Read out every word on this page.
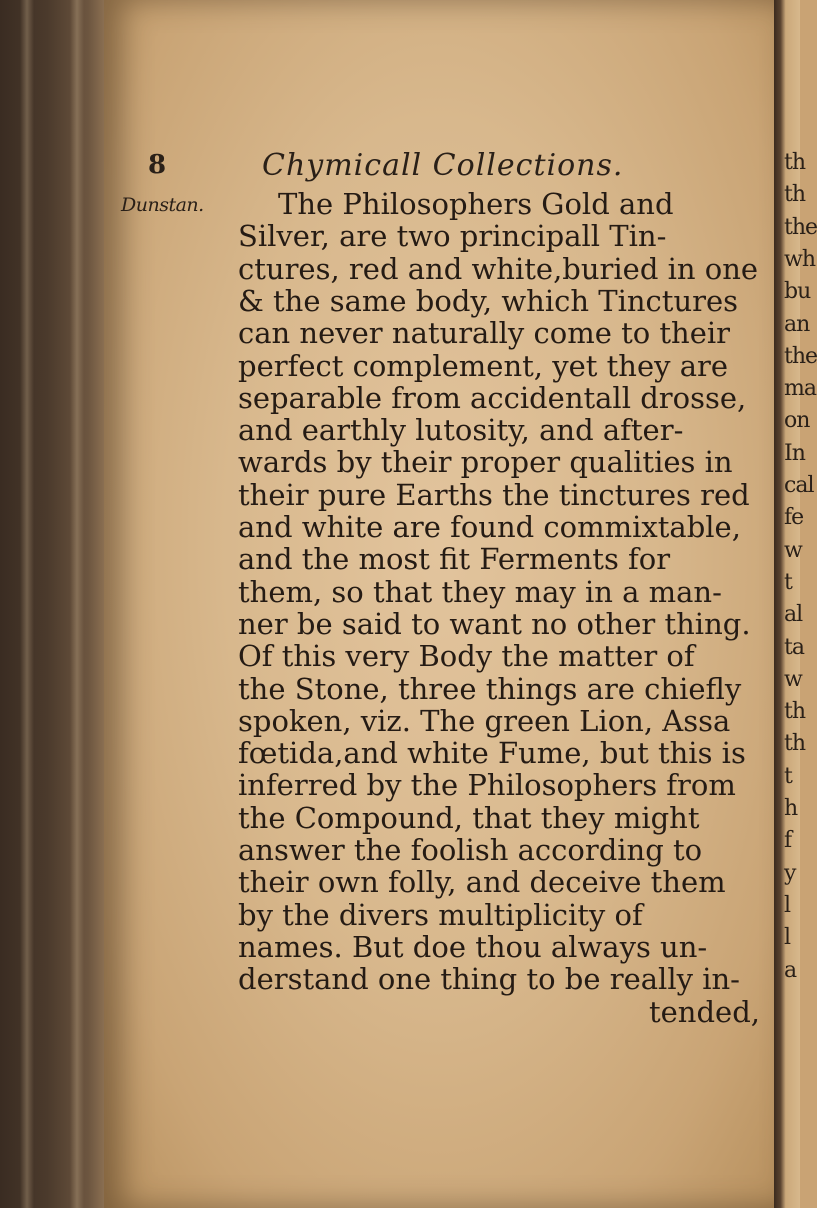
8
Dunstan.
Chymicall Collections.
The Philosophers Gold and
Silver, are two principall Tin-
ctures, red and white,buried in one
& the same body, which Tinctures
can never naturally come to their
perfect complement, yet they are
separable from accidentall drosse,
and earthly lutosity, and after-
wards by their proper qualities in
their pure Earths the tinctures red
and white are found commixtable,
and the most fit Ferments for
them, so that they may in a man-
ner be said to want no other thing.
Of this very Body the matter of
the Stone, three things are chiefly
spoken, viz. The green Lion, Assa
fœtida,and white Fume, but this is
inferred by the Philosophers from
the Compound, that they might
answer the foolish according to
their own folly, and deceive them
by the divers multiplicity of
names. But doe thou always un-
derstand one thing to be really in-
tended,
th
th
the
wh
bu
an
the
ma
on
In
cal
fe
w
t
al
ta
w
th
th
t
h
f
y
l
l
a
